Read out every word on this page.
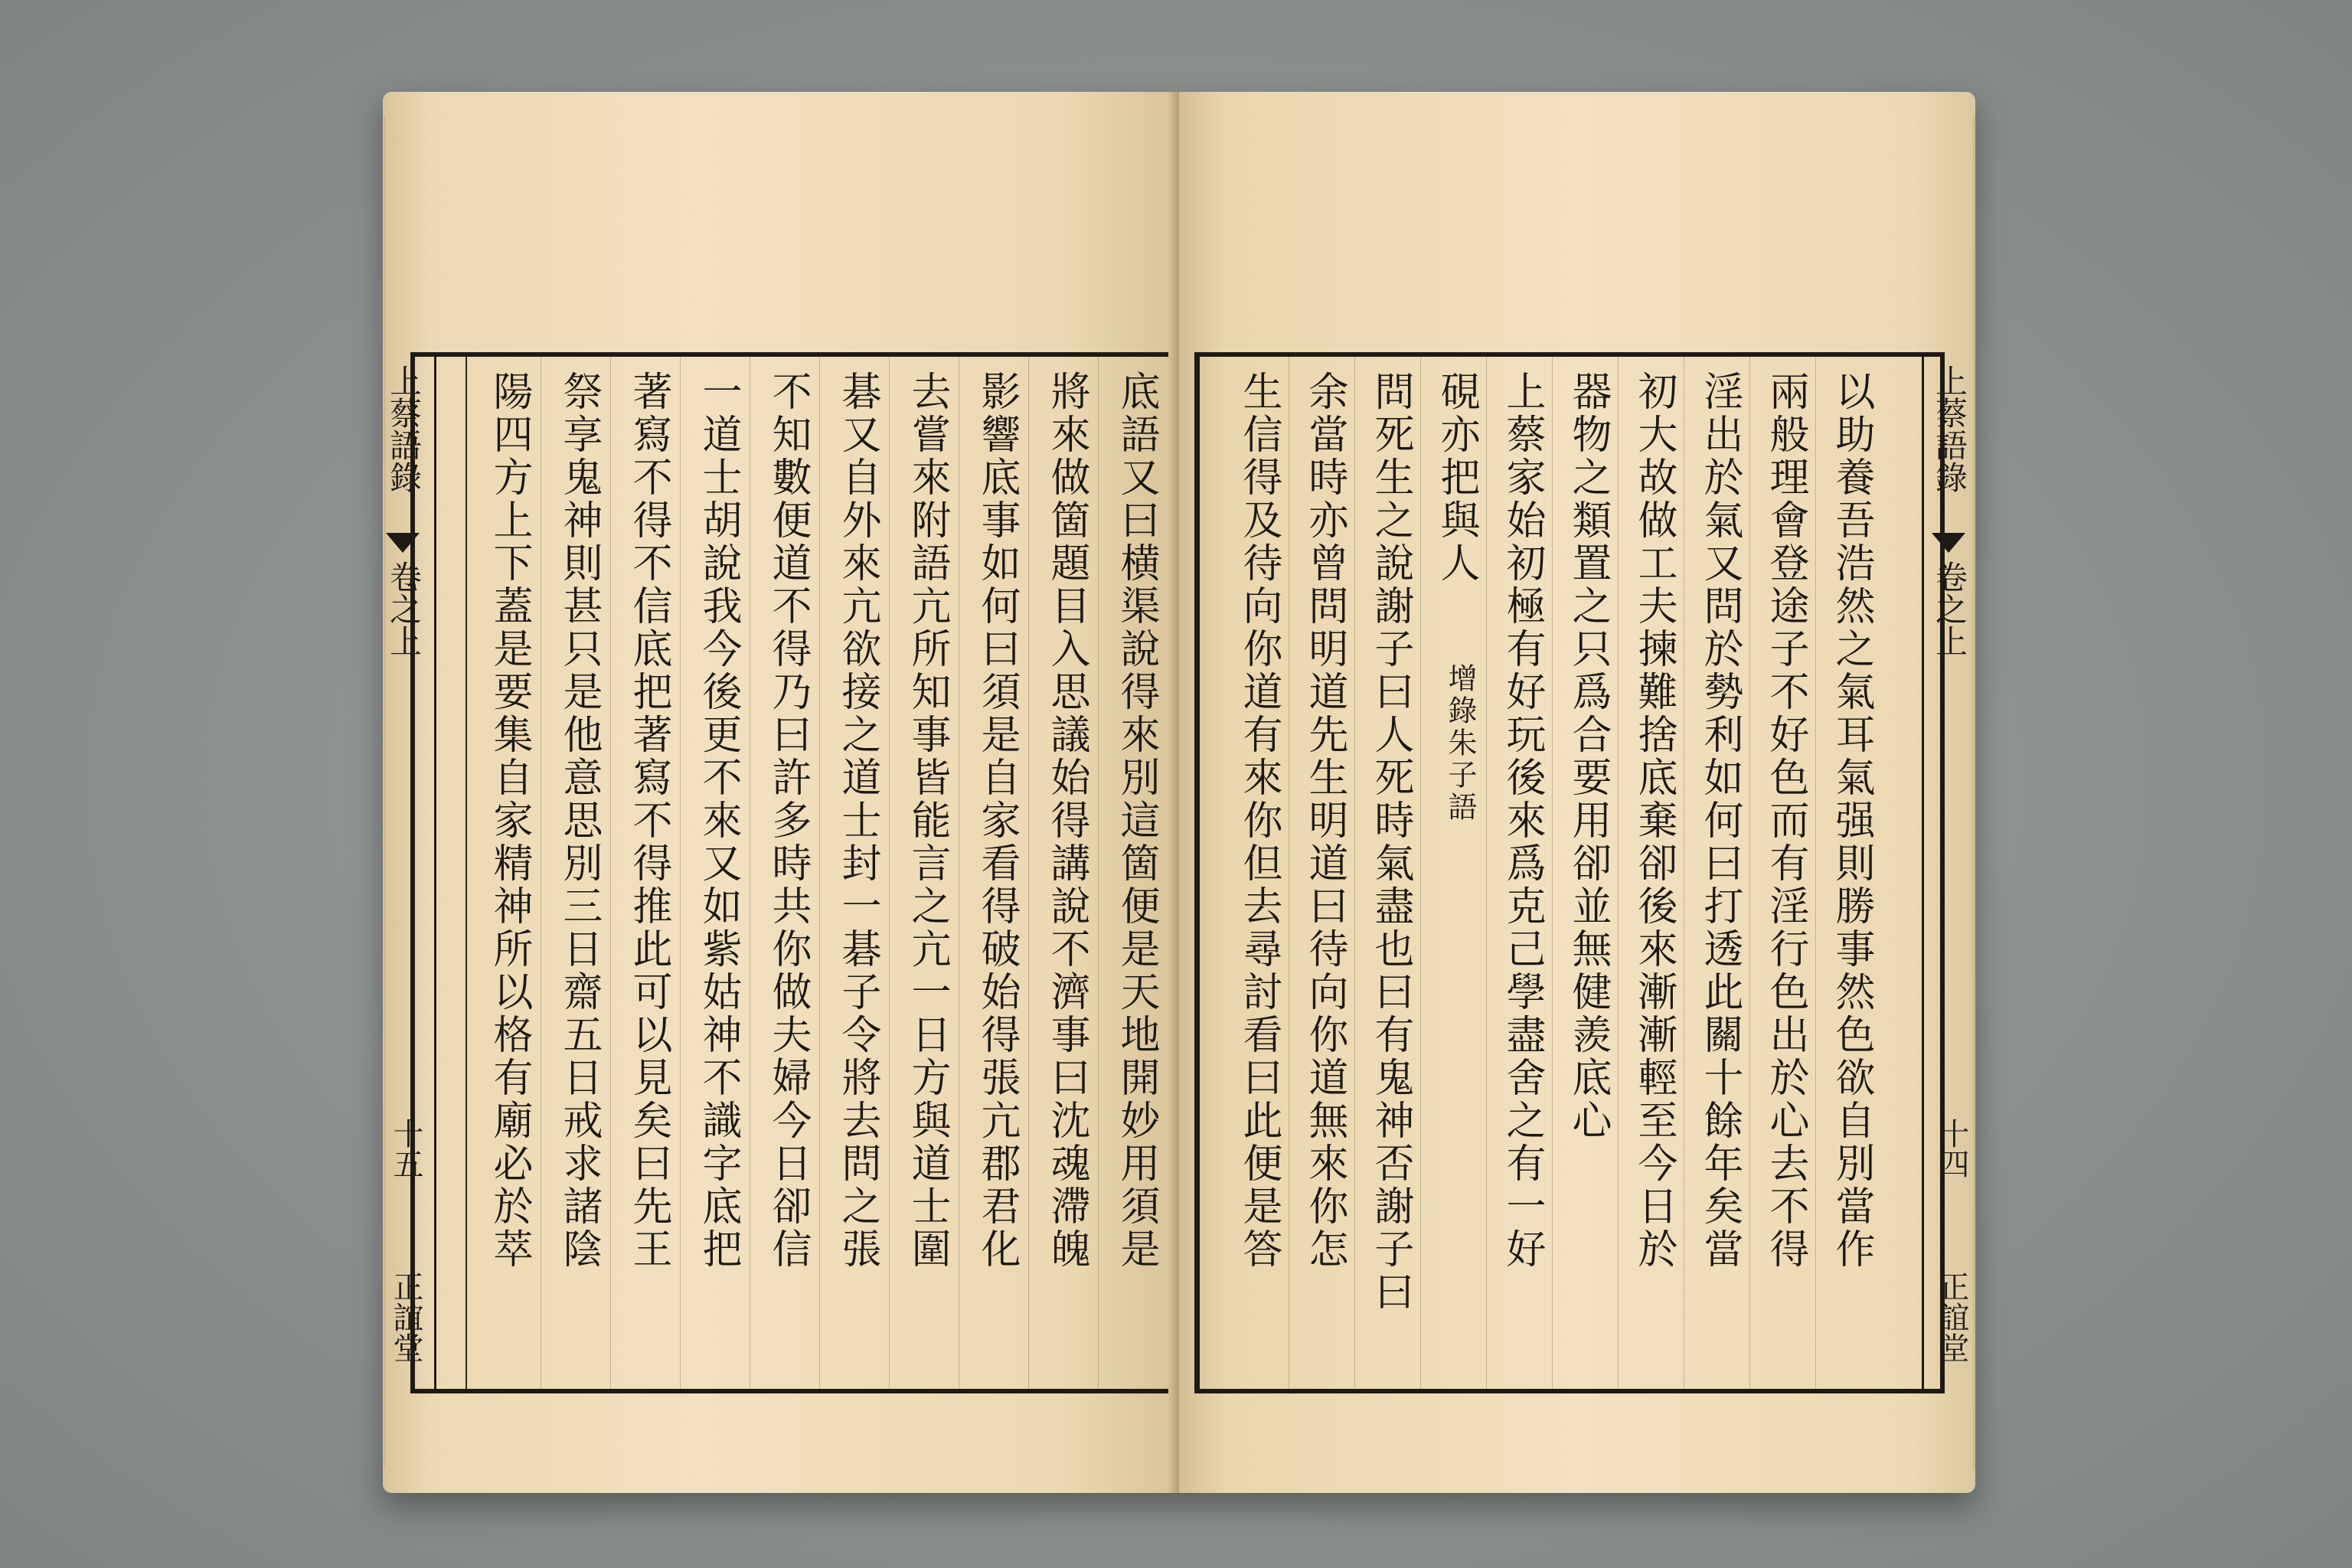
底語又曰横渠說得來別這箇便是天地開妙用須是
將來做箇題目入思議始得講說不濟事曰沈魂滯魄
影響底事如何曰須是自家看得破始得張亢郡君化
去嘗來附語亢所知事皆能言之亢一日方與道士圍
碁又自外來亢欲接之道士封一碁子令將去問之張
不知數便道不得乃曰許多時共你做夫婦今日卻信
一道士胡說我今後更不來又如紫姑神不識字底把
著寫不得不信底把著寫不得推此可以見矣曰先王
祭享鬼神則甚只是他意思別三日齋五日戒求諸陰
陽四方上下蓋是要集自家精神所以格有廟必於萃
上蔡語錄
卷之上
十五
正誼堂
以助養吾浩然之氣耳氣强則勝事然色欲自別當作
兩般理會登途子不好色而有淫行色出於心去不得
淫出於氣又問於勢利如何曰打透此關十餘年矣當
初大故做工夫揀難捨底棄卻後來漸漸輕至今日於
器物之類置之只爲合要用卻並無健羨底心
上蔡家始初極有好玩後來爲克己學盡舍之有一好
硯亦把與人
增錄朱子語
問死生之說謝子曰人死時氣盡也曰有鬼神否謝子曰
余當時亦曾問明道先生明道曰待向你道無來你怎
生信得及待向你道有來你但去尋討看曰此便是答	上蔡語錄
卷之上
十四
正誼堂
